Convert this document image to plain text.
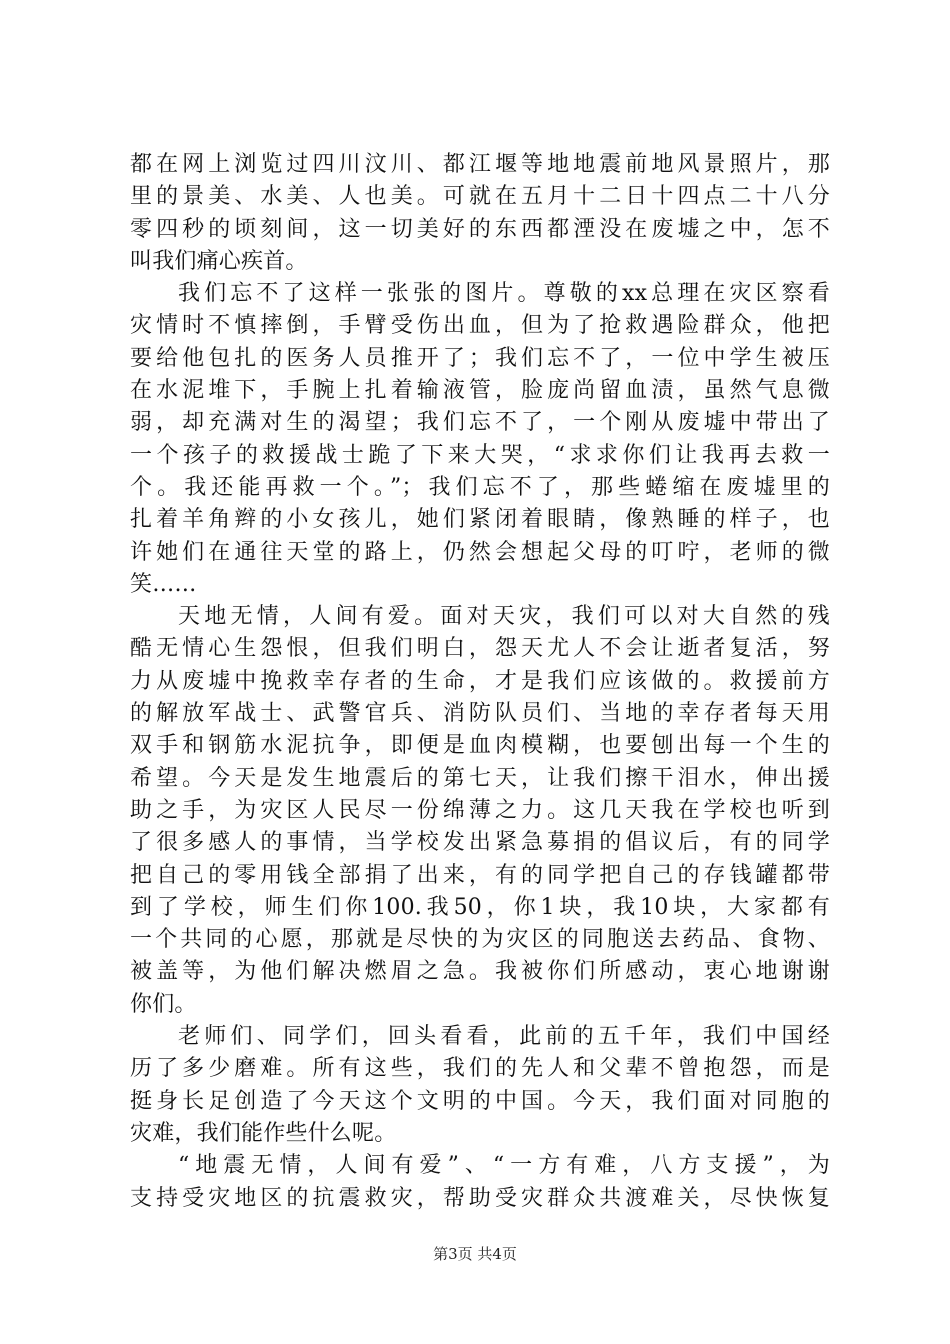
都在网上浏览过四川汶川、都江堰等地地震前地风景照片，那
里的景美、水美、人也美。可就在五月十二日十四点二十八分
零四秒的顷刻间，这一切美好的东西都湮没在废墟之中，怎不
叫我们痛心疾首。
我们忘不了这样一张张的图片。尊敬的xx总理在灾区察看
灾情时不慎摔倒，手臂受伤出血，但为了抢救遇险群众，他把
要给他包扎的医务人员推开了；我们忘不了，一位中学生被压
在水泥堆下，手腕上扎着输液管，脸庞尚留血渍，虽然气息微
弱，却充满对生的渴望；我们忘不了，一个刚从废墟中带出了
一个孩子的救援战士跪了下来大哭，“求求你们让我再去救一
个。我还能再救一个。”；我们忘不了，那些蜷缩在废墟里的
扎着羊角辫的小女孩儿，她们紧闭着眼睛，像熟睡的样子，也
许她们在通往天堂的路上，仍然会想起父母的叮咛，老师的微
笑……
天地无情，人间有爱。面对天灾，我们可以对大自然的残
酷无情心生怨恨，但我们明白，怨天尤人不会让逝者复活，努
力从废墟中挽救幸存者的生命，才是我们应该做的。救援前方
的解放军战士、武警官兵、消防队员们、当地的幸存者每天用
双手和钢筋水泥抗争，即便是血肉模糊，也要刨出每一个生的
希望。今天是发生地震后的第七天，让我们擦干泪水，伸出援
助之手，为灾区人民尽一份绵薄之力。这几天我在学校也听到
了很多感人的事情，当学校发出紧急募捐的倡议后，有的同学
把自己的零用钱全部捐了出来，有的同学把自己的存钱罐都带
到了学校，师生们你100.我50，你1块，我10块，大家都有
一个共同的心愿，那就是尽快的为灾区的同胞送去药品、食物、
被盖等，为他们解决燃眉之急。我被你们所感动，衷心地谢谢
你们。
老师们、同学们，回头看看，此前的五千年，我们中国经
历了多少磨难。所有这些，我们的先人和父辈不曾抱怨，而是
挺身长足创造了今天这个文明的中国。今天，我们面对同胞的
灾难，我们能作些什么呢。
“地震无情，人间有爱”、“一方有难，八方支援”，为
支持受灾地区的抗震救灾，帮助受灾群众共渡难关，尽快恢复
第3页 共4页
